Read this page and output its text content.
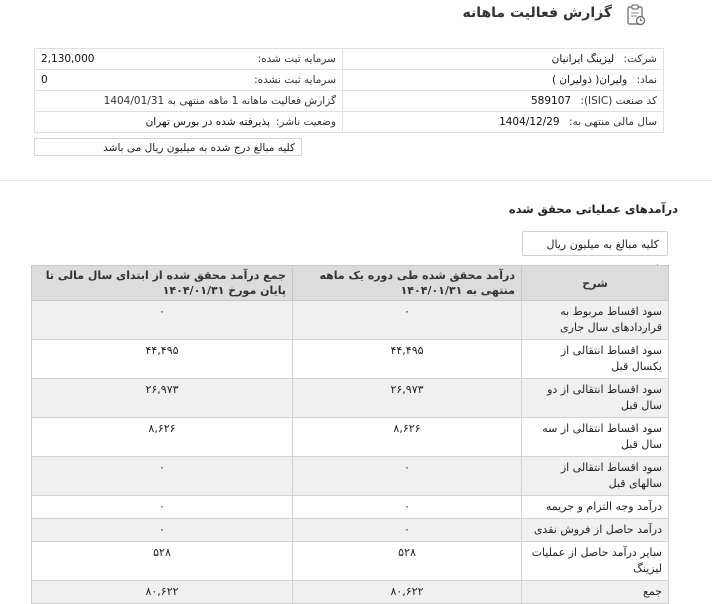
گزارش فعالیت ماهانه
شرکت: لیزینگ ایرانیان	سرمایه ثبت شده:
2,130,000

نماد: ولیران( ذولیران )	سرمایه ثبت نشده:
0

کد صنعت (ISIC): 589107	گزارش فعالیت ماهانه 1 ماهه منتهی به 1404/01/31

سال مالی منتهی به: 1404/12/29	وضعیت ناشر:
پذیرفته شده در بورس تهران
کلیه مبالغ درج شده به میلیون ریال می باشد
درآمدهای عملیاتی محقق شده
کلیه مبالغ به میلیون ریال
شرح	درآمد محقق شده طی دوره یک ماهه منتهی به ۱۴۰۴/۰۱/۳۱	جمع درآمد محقق شده از ابتدای سال مالی تا پایان مورخ ۱۴۰۴/۰۱/۳۱
سود اقساط مربوط به قراردادهای سال جاری	۰	۰
سود اقساط انتقالی از یکسال قبل	۴۴,۴۹۵	۴۴,۴۹۵
سود اقساط انتقالی از دو سال قبل	۲۶,۹۷۳	۲۶,۹۷۳
سود اقساط انتقالی از سه سال قبل	۸,۶۲۶	۸,۶۲۶
سود اقساط انتقالی از سالهای قبل	۰	۰
درآمد وجه التزام و جریمه	۰	۰
درآمد حاصل از فروش نقدی	۰	۰
سایر درآمد حاصل از عملیات لیزینگ	۵۲۸	۵۲۸
جمع	۸۰,۶۲۲	۸۰,۶۲۲
